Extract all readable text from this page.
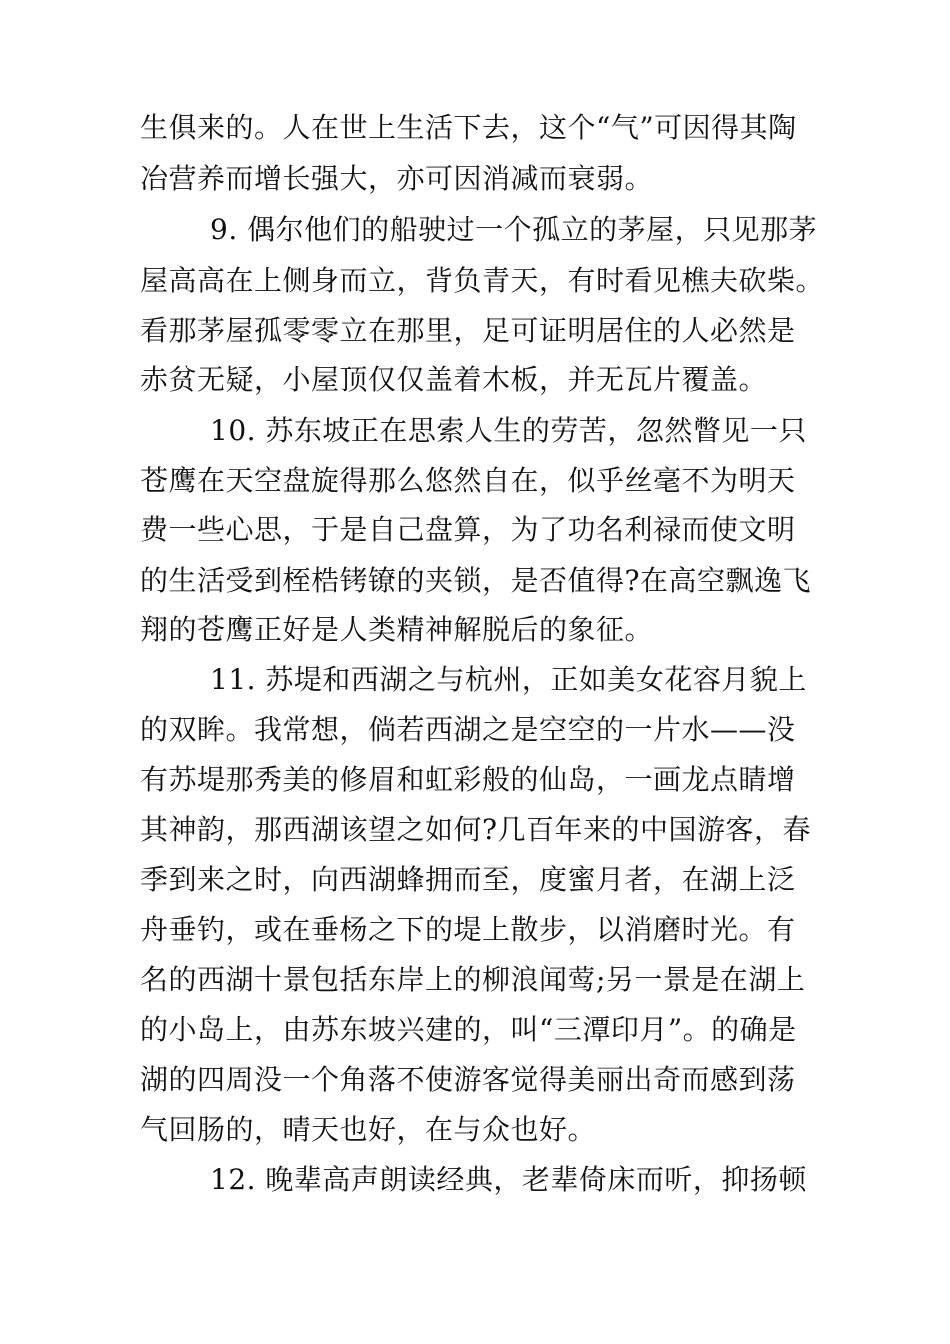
生俱来的。人在世上生活下去，这个“气”可因得其陶
冶营养而增长强大，亦可因消减而衰弱。
9. 偶尔他们的船驶过一个孤立的茅屋，只见那茅
屋高高在上侧身而立，背负青天，有时看见樵夫砍柴。
看那茅屋孤零零立在那里，足可证明居住的人必然是
赤贫无疑，小屋顶仅仅盖着木板，并无瓦片覆盖。
10. 苏东坡正在思索人生的劳苦，忽然瞥见一只
苍鹰在天空盘旋得那么悠然自在，似乎丝毫不为明天
费一些心思，于是自己盘算，为了功名利禄而使文明
的生活受到桎梏铐镣的夹锁，是否值得?在高空飘逸飞
翔的苍鹰正好是人类精神解脱后的象征。
11. 苏堤和西湖之与杭州，正如美女花容月貌上
的双眸。我常想，倘若西湖之是空空的一片水——没
有苏堤那秀美的修眉和虹彩般的仙岛，一画龙点睛增
其神韵，那西湖该望之如何?几百年来的中国游客，春
季到来之时，向西湖蜂拥而至，度蜜月者，在湖上泛
舟垂钓，或在垂杨之下的堤上散步，以消磨时光。有
名的西湖十景包括东岸上的柳浪闻莺;另一景是在湖上
的小岛上，由苏东坡兴建的，叫“三潭印月”。的确是
湖的四周没一个角落不使游客觉得美丽出奇而感到荡
气回肠的，晴天也好，在与众也好。
12. 晚辈高声朗读经典，老辈倚床而听，抑扬顿
